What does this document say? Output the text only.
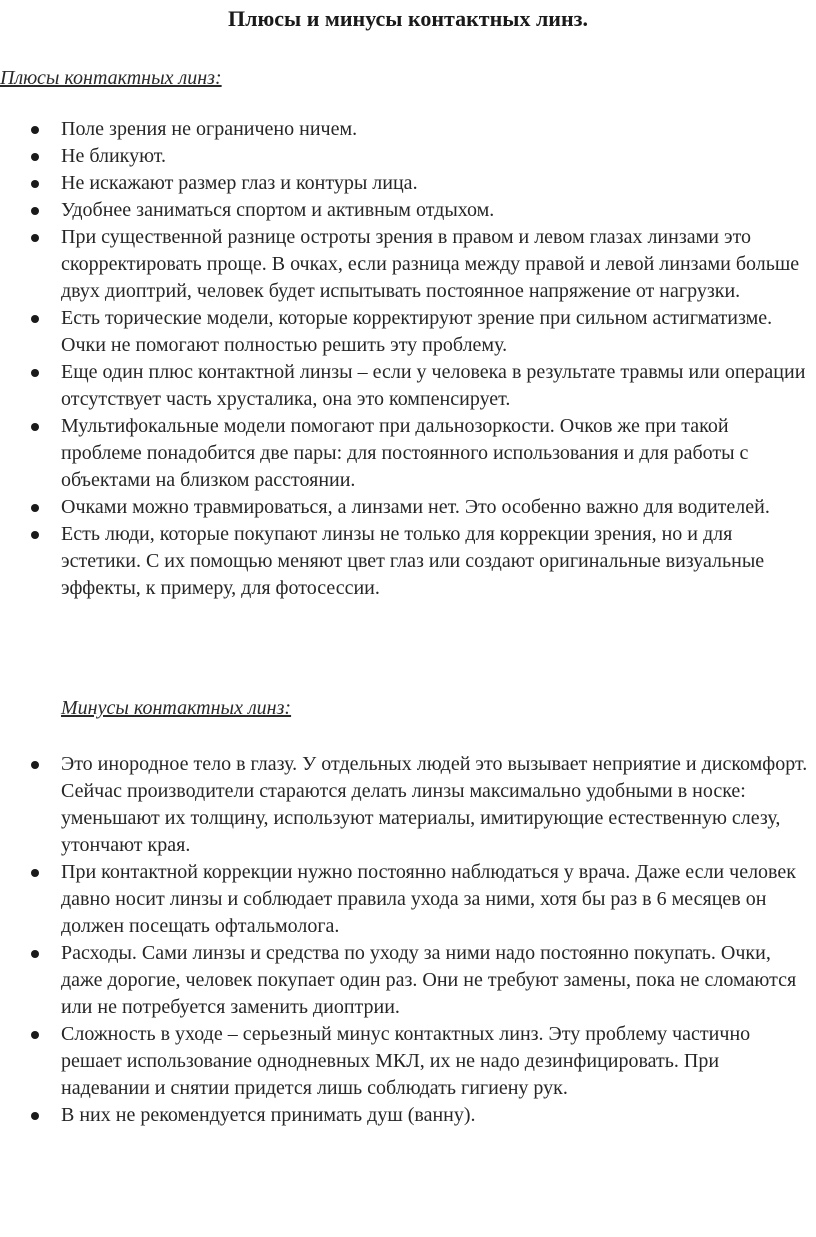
Плюсы и минусы контактных линз.

Плюсы контактных линз:

Поле зрения не ограничено ничем.
Не бликуют.
Не искажают размер глаз и контуры лица.
Удобнее заниматься спортом и активным отдыхом.
При существенной разнице остроты зрения в правом и левом глазах линзами это скорректировать проще. В очках, если разница между правой и левой линзами больше двух диоптрий, человек будет испытывать постоянное напряжение от нагрузки.
Есть торические модели, которые корректируют зрение при сильном астигматизме. Очки не помогают полностью решить эту проблему.
Еще один плюс контактной линзы – если у человека в результате травмы или операции отсутствует часть хрусталика, она это компенсирует.
Мультифокальные модели помогают при дальнозоркости. Очков же при такой проблеме понадобится две пары: для постоянного использования и для работы с объектами на близком расстоянии.
Очками можно травмироваться, а линзами нет. Это особенно важно для водителей.
Есть люди, которые покупают линзы не только для коррекции зрения, но и для эстетики. С их помощью меняют цвет глаз или создают оригинальные визуальные эффекты, к примеру, для фотосессии.

Минусы контактных линз:

Это инородное тело в глазу. У отдельных людей это вызывает неприятие и дискомфорт. Сейчас производители стараются делать линзы максимально удобными в носке: уменьшают их толщину, используют материалы, имитирующие естественную слезу, утончают края.
При контактной коррекции нужно постоянно наблюдаться у врача. Даже если человек давно носит линзы и соблюдает правила ухода за ними, хотя бы раз в 6 месяцев он должен посещать офтальмолога.
Расходы. Сами линзы и средства по уходу за ними надо постоянно покупать. Очки, даже дорогие, человек покупает один раз. Они не требуют замены, пока не сломаются или не потребуется заменить диоптрии.
Сложность в уходе – серьезный минус контактных линз. Эту проблему частично решает использование однодневных МКЛ, их не надо дезинфицировать. При надевании и снятии придется лишь соблюдать гигиену рук.
В них не рекомендуется принимать душ (ванну).
